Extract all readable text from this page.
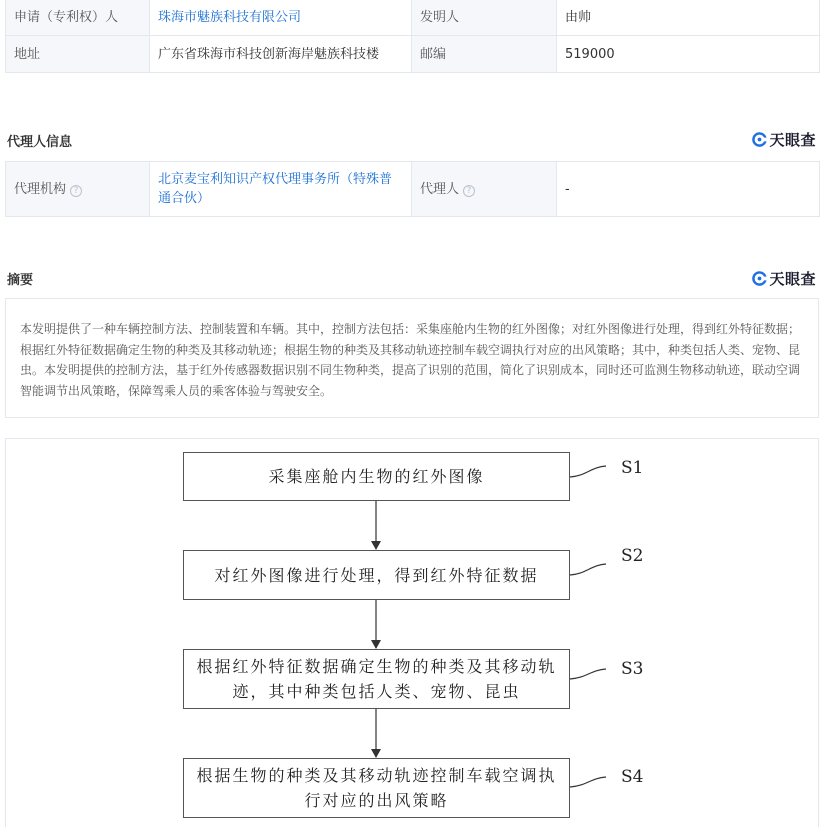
申请（专利权）人	珠海市魅族科技有限公司	发明人	由帅
地址	广东省珠海市科技创新海岸魅族科技楼	邮编	519000
代理人信息	天眼查
代理机构 ?	北京麦宝利知识产权代理事务所（特殊普通合伙）	代理人 ?	-
摘要	天眼查
本发明提供了一种车辆控制方法、控制装置和车辆。其中，控制方法包括：采集座舱内生物的红外图像；对红外图像进行处理，得到红外特征数据；根据红外特征数据确定生物的种类及其移动轨迹；根据生物的种类及其移动轨迹控制车载空调执行对应的出风策略；其中，种类包括人类、宠物、昆虫。本发明提供的控制方法，基于红外传感器数据识别不同生物种类，提高了识别的范围，简化了识别成本，同时还可监测生物移动轨迹，联动空调智能调节出风策略，保障驾乘人员的乘客体验与驾驶安全。
采集座舱内生物的红外图像	S1
对红外图像进行处理，得到红外特征数据
S2
根据红外特征数据确定生物的种类及其移动轨迹，其中种类包括人类、宠物、昆虫
S3
根据生物的种类及其移动轨迹控制车载空调执行对应的出风策略
S4
